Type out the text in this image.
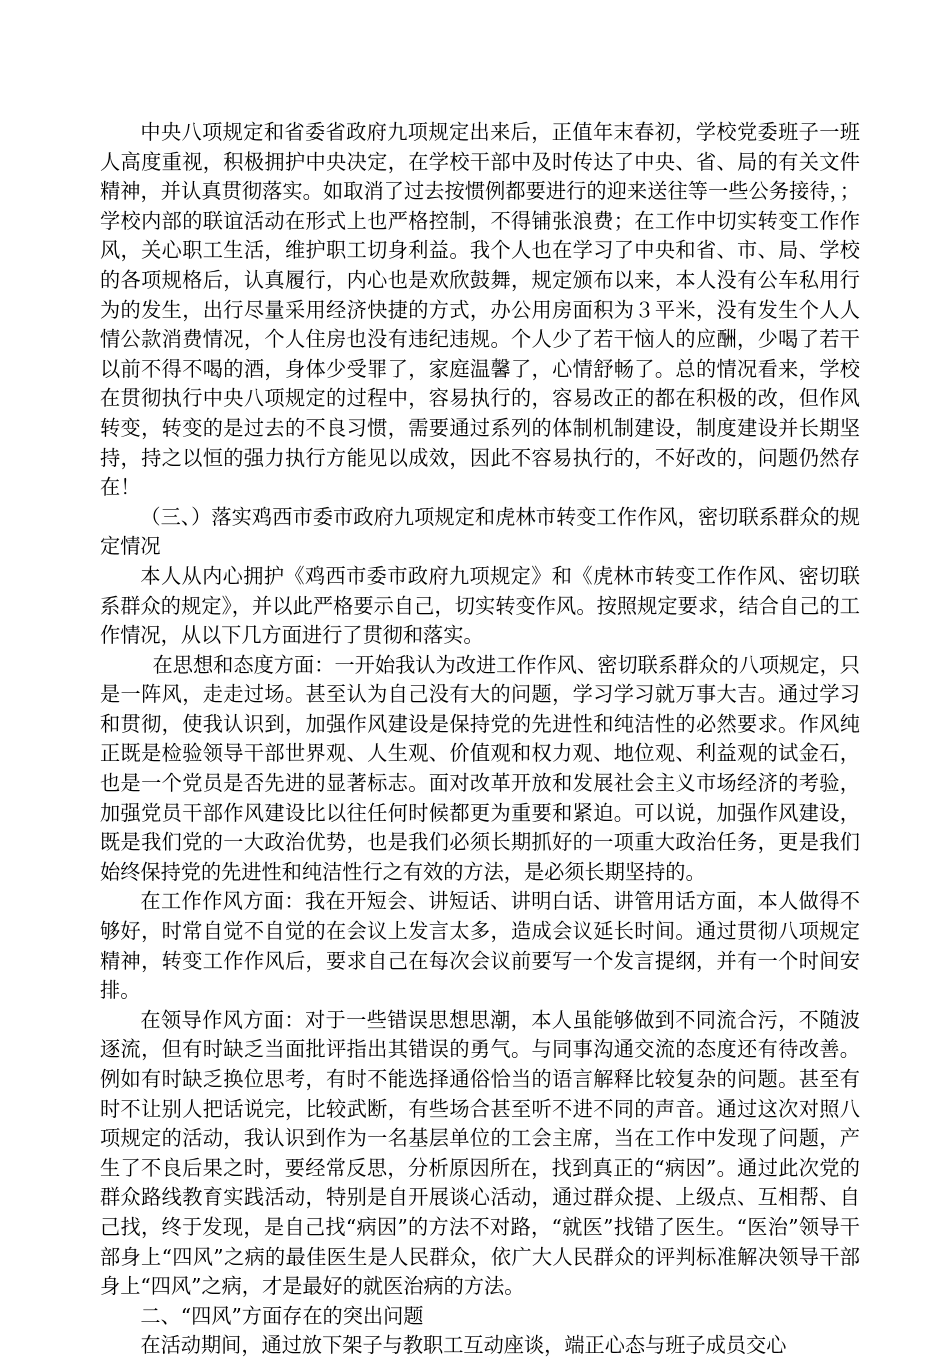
中央八项规定和省委省政府九项规定出来后，正值年末春初，学校党委班子一班人高度重视，积极拥护中央决定，在学校干部中及时传达了中央、省、局的有关文件精神，并认真贯彻落实。如取消了过去按惯例都要进行的迎来送往等一些公务接待，；学校内部的联谊活动在形式上也严格控制，不得铺张浪费；在工作中切实转变工作作风，关心职工生活，维护职工切身利益。我个人也在学习了中央和省、市、局、学校的各项规格后，认真履行，内心也是欢欣鼓舞，规定颁布以来，本人没有公车私用行为的发生，出行尽量采用经济快捷的方式，办公用房面积为３平米，没有发生个人人情公款消费情况，个人住房也没有违纪违规。个人少了若干恼人的应酬，少喝了若干以前不得不喝的酒，身体少受罪了，家庭温馨了，心情舒畅了。总的情况看来，学校在贯彻执行中央八项规定的过程中，容易执行的，容易改正的都在积极的改，但作风转变，转变的是过去的不良习惯，需要通过系列的体制机制建设，制度建设并长期坚持，持之以恒的强力执行方能见以成效，因此不容易执行的，不好改的，问题仍然存在！

（三、）落实鸡西市委市政府九项规定和虎林市转变工作作风，密切联系群众的规定情况

本人从内心拥护《鸡西市委市政府九项规定》和《虎林市转变工作作风、密切联系群众的规定》，并以此严格要示自己，切实转变作风。按照规定要求，结合自己的工作情况，从以下几方面进行了贯彻和落实。

在思想和态度方面：一开始我认为改进工作作风、密切联系群众的八项规定，只是一阵风，走走过场。甚至认为自己没有大的问题，学习学习就万事大吉。通过学习和贯彻，使我认识到，加强作风建设是保持党的先进性和纯洁性的必然要求。作风纯正既是检验领导干部世界观、人生观、价值观和权力观、地位观、利益观的试金石，也是一个党员是否先进的显著标志。面对改革开放和发展社会主义市场经济的考验，加强党员干部作风建设比以往任何时候都更为重要和紧迫。可以说，加强作风建设，既是我们党的一大政治优势，也是我们必须长期抓好的一项重大政治任务，更是我们始终保持党的先进性和纯洁性行之有效的方法，是必须长期坚持的。

在工作作风方面：我在开短会、讲短话、讲明白话、讲管用话方面，本人做得不够好，时常自觉不自觉的在会议上发言太多，造成会议延长时间。通过贯彻八项规定精神，转变工作作风后，要求自己在每次会议前要写一个发言提纲，并有一个时间安排。

在领导作风方面：对于一些错误思想思潮，本人虽能够做到不同流合污，不随波逐流，但有时缺乏当面批评指出其错误的勇气。与同事沟通交流的态度还有待改善。例如有时缺乏换位思考，有时不能选择通俗恰当的语言解释比较复杂的问题。甚至有时不让别人把话说完，比较武断，有些场合甚至听不进不同的声音。通过这次对照八项规定的活动，我认识到作为一名基层单位的工会主席，当在工作中发现了问题，产生了不良后果之时，要经常反思，分析原因所在，找到真正的“病因”。通过此次党的群众路线教育实践活动，特别是自开展谈心活动，通过群众提、上级点、互相帮、自己找，终于发现，是自己找“病因”的方法不对路，“就医”找错了医生。“医治”领导干部身上“四风”之病的最佳医生是人民群众，依广大人民群众的评判标准解决领导干部身上“四风”之病，才是最好的就医治病的方法。

二、“四风”方面存在的突出问题

在活动期间，通过放下架子与教职工互动座谈，端正心态与班子成员交心
